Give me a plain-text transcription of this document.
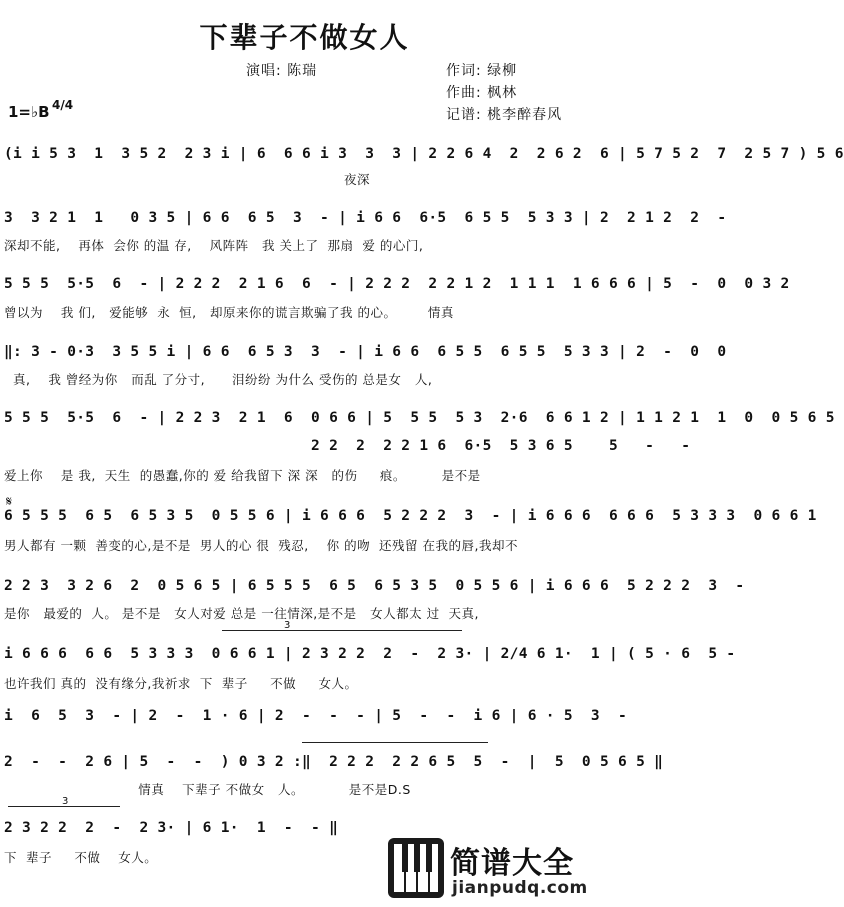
下辈子不做女人
演唱: 陈瑞	作词: 绿柳
作曲: 枫林
记谱: 桃李醉春风
1=♭B 4/4
(i i 5 3  1  3 5 2  2 3 i | 6  6 6 i 3  3  3 | 2 2 6 4  2  2 6 2  6 | 5 7 5 2  7  2 5 7 ) 5 6
夜深
3  3 2 1  1   0 3 5 | 6 6  6 5  3  - | i 6 6  6·5  6 5 5  5 3 3 | 2  2 1 2  2  -
深却不能,    再体  会你 的温 存,    风阵阵   我 关上了  那扇  爱 的心门,
5 5 5  5·5  6  - | 2 2 2  2 1 6  6  - | 2 2 2  2 2 1 2  1 1 1  1 6 6 6 | 5  -  0  0 3 2
曾以为    我 们,   爱能够  永  恒,   却原来你的谎言欺骗了我 的心。       情真
‖: 3 - 0·3  3 5 5 i | 6 6  6 5 3  3  - | i 6 6  6 5 5  6 5 5  5 3 3 | 2  -  0  0
真,    我 曾经为你   而乱 了分寸,      泪纷纷 为什么 受伤的 总是女   人,
5 5 5  5·5  6  - | 2 2 3  2 1  6  0 6 6 | 5  5 5  5 3  2·6  6 6 1 2 | 1 1 2 1  1  0  0 5 6 5
2 2  2  2 2 1 6  6·5  5 3 6 5    5   -   -
爱上你    是 我,  天生  的愚蠢,你的 爱 给我留下 深 深   的伤     痕。        是不是
𝄋
6 5 5 5  6 5  6 5 3 5  0 5 5 6 | i 6 6 6  5 2 2 2  3  - | i 6 6 6  6 6 6  5 3 3 3  0 6 6 1
男人都有 一颗  善变的心,是不是  男人的心 很  残忍,    你 的吻  还残留 在我的唇,我却不
2 2 3  3 2 6  2  0 5 6 5 | 6 5 5 5  6 5  6 5 3 5  0 5 5 6 | i 6 6 6  5 2 2 2  3  -
是你   最爱的  人。 是不是   女人对爱 总是 一往情深,是不是   女人都太 过  天真,
3
i 6 6 6  6 6  5 3 3 3  0 6 6 1 | 2 3 2 2  2  -  2 3· | 2/4 6 1·  1 | ( 5 · 6  5 -
也许我们 真的  没有缘分,我祈求  下  辈子     不做     女人。
i  6  5  3  - | 2  -  1 · 6 | 2  -  -  - | 5  -  -  i 6 | 6 · 5  3  -
2  -  -  2 6 | 5  -  -  ) 0 3 2 :‖  2 2 2  2 2 6 5  5  -  |  5  0 5 6 5 ‖
情真    下辈子 不做女   人。          是不是D.S
3
2 3 2 2  2  -  2 3· | 6 1·  1  -  - ‖
下  辈子     不做    女人。	简谱大全
jianpudq.com
